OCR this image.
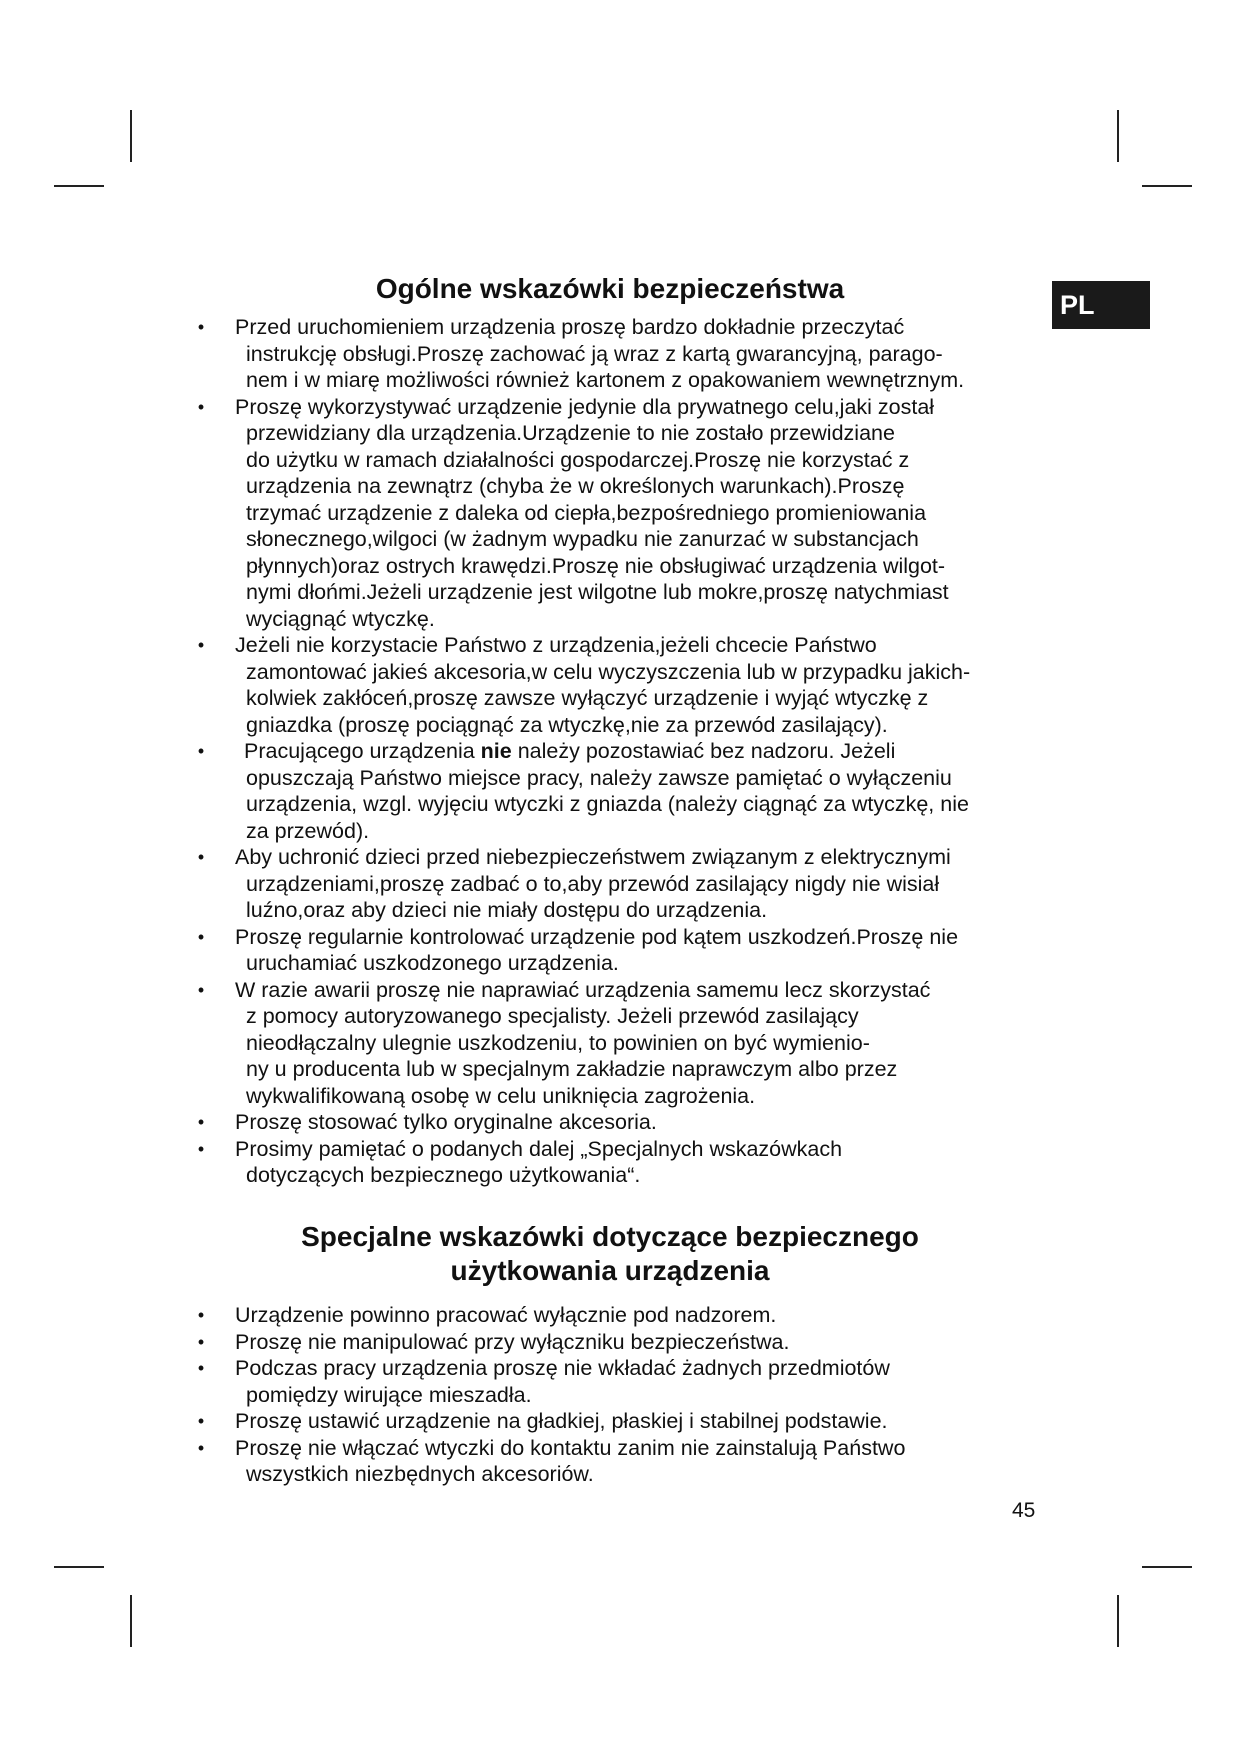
PL
Ogólne wskazówki bezpieczeństwa
• Przed uruchomieniem urządzenia proszę bardzo dokładnie przeczytać
instrukcję obsługi.Proszę zachować ją wraz z kartą gwarancyjną, parago-
nem i w miarę możliwości również kartonem z opakowaniem wewnętrznym.
• Proszę wykorzystywać urządzenie jedynie dla prywatnego celu,jaki został
przewidziany dla urządzenia.Urządzenie to nie zostało przewidziane
do użytku w ramach działalności gospodarczej.Proszę nie korzystać z
urządzenia na zewnątrz (chyba że w określonych warunkach).Proszę
trzymać urządzenie z daleka od ciepła,bezpośredniego promieniowania
słonecznego,wilgoci (w żadnym wypadku nie zanurzać w substancjach
płynnych)oraz ostrych krawędzi.Proszę nie obsługiwać urządzenia wilgot-
nymi dłońmi.Jeżeli urządzenie jest wilgotne lub mokre,proszę natychmiast
wyciągnąć wtyczkę.
• Jeżeli nie korzystacie Państwo z urządzenia,jeżeli chcecie Państwo
zamontować jakieś akcesoria,w celu wyczyszczenia lub w przypadku jakich-
kolwiek zakłóceń,proszę zawsze wyłączyć urządzenie i wyjąć wtyczkę z
gniazdka (proszę pociągnąć za wtyczkę,nie za przewód zasilający).
•	Pracującego urządzenia nie należy pozostawiać bez nadzoru. Jeżeli
opuszczają Państwo miejsce pracy, należy zawsze pamiętać o wyłączeniu
urządzenia, wzgl. wyjęciu wtyczki z gniazda (należy ciągnąć za wtyczkę, nie
za przewód).
• Aby uchronić dzieci przed niebezpieczeństwem związanym z elektrycznymi
urządzeniami,proszę zadbać o to,aby przewód zasilający nigdy nie wisiał
luźno,oraz aby dzieci nie miały dostępu do urządzenia.
• Proszę regularnie kontrolować urządzenie pod kątem uszkodzeń.Proszę nie
uruchamiać uszkodzonego urządzenia.
• W razie awarii proszę nie naprawiać urządzenia samemu lecz skorzystać
z pomocy autoryzowanego specjalisty. Jeżeli przewód zasilający
nieodłączalny ulegnie uszkodzeniu, to powinien on być wymienio-
ny u producenta lub w specjalnym zakładzie naprawczym albo przez
wykwalifikowaną osobę w celu uniknięcia zagrożenia.
• Proszę stosować tylko oryginalne akcesoria.
• Prosimy pamiętać o podanych dalej „Specjalnych wskazówkach
dotyczących bezpiecznego użytkowania“.
Specjalne wskazówki dotyczące bezpiecznego
użytkowania urządzenia
• Urządzenie powinno pracować wyłącznie pod nadzorem.
• Proszę nie manipulować przy wyłączniku bezpieczeństwa.
• Podczas pracy urządzenia proszę nie wkładać żadnych przedmiotów
pomiędzy wirujące mieszadła.
• Proszę ustawić urządzenie na gładkiej, płaskiej i stabilnej podstawie.
• Proszę nie włączać wtyczki do kontaktu zanim nie zainstalują Państwo
wszystkich niezbędnych akcesoriów.
45
